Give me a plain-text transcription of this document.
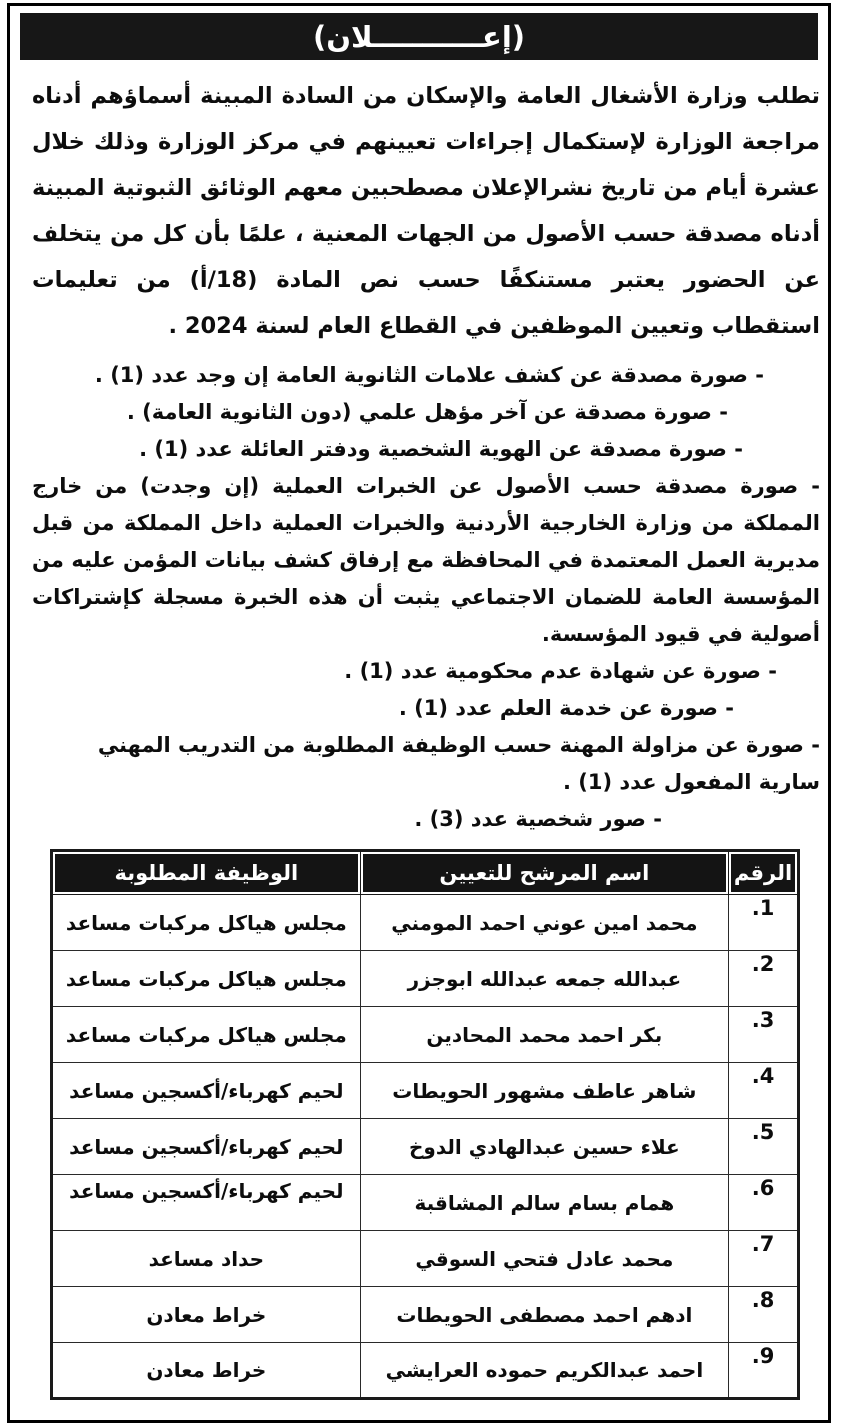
(إعـــــــــــلان)
تطلب وزارة الأشغال العامة والإسكان من السادة المبينة أسماؤهم أدناه مراجعة الوزارة لإستكمال إجراءات تعيينهم في مركز الوزارة وذلك خلال عشرة أيام من تاريخ نشرالإعلان مصطحبين معهم الوثائق الثبوتية المبينة أدناه مصدقة حسب الأصول من الجهات المعنية ، علمًا بأن كل من يتخلف عن الحضور يعتبر مستنكفًا حسب نص المادة (18/أ) من تعليمات استقطاب وتعيين الموظفين في القطاع العام لسنة 2024 .
- صورة مصدقة عن كشف علامات الثانوية العامة إن وجد عدد (1) .
- صورة مصدقة عن آخر مؤهل علمي (دون الثانوية العامة) .
- صورة مصدقة عن الهوية الشخصية ودفتر العائلة عدد (1) .
- صورة مصدقة حسب الأصول عن الخبرات العملية (إن وجدت) من خارج المملكة من وزارة الخارجية الأردنية والخبرات العملية داخل المملكة من قبل مديرية العمل المعتمدة في المحافظة مع إرفاق كشف بيانات المؤمن عليه من المؤسسة العامة للضمان الاجتماعي يثبت أن هذه الخبرة مسجلة كإشتراكات أصولية في قيود المؤسسة.
- صورة عن شهادة عدم محكومية عدد (1) .
- صورة عن خدمة العلم عدد (1) .
- صورة عن مزاولة المهنة حسب الوظيفة المطلوبة من التدريب المهني سارية المفعول عدد (1) .
- صور شخصية عدد (3) .
الرقم	اسم المرشح للتعيين	الوظيفة المطلوبة

1.	محمد امين عوني احمد المومني	مجلس هياكل مركبات مساعد
2.	عبدالله جمعه عبدالله ابوجزر	مجلس هياكل مركبات مساعد
3.	بكر احمد محمد المحادين	مجلس هياكل مركبات مساعد
4.	شاهر عاطف مشهور الحويطات	لحيم كهرباء/أكسجين مساعد
5.	علاء حسين عبدالهادي الدوخ	لحيم كهرباء/أكسجين مساعد
6.	همام بسام سالم المشاقبة	لحيم كهرباء/أكسجين مساعد
7.	محمد عادل فتحي السوقي	حداد مساعد
8.	ادهم احمد مصطفى الحويطات	خراط معادن
9.	احمد عبدالكريم حموده العرايشي	خراط معادن
